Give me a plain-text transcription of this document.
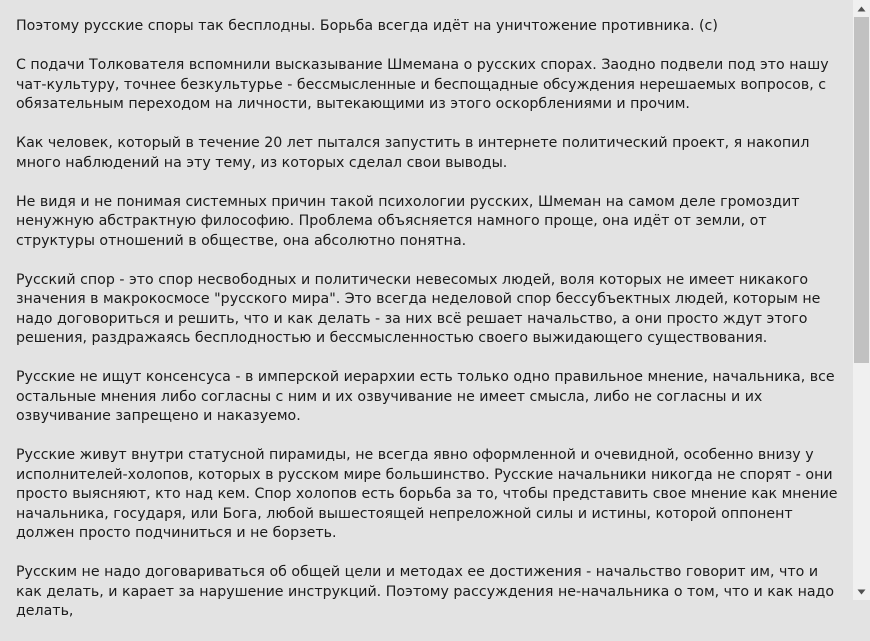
Поэтому русские споры так бесплодны. Борьба всегда идёт на уничтожение противника. (с)

С подачи Толкователя вспомнили высказывание Шмемана о русских спорах. Заодно подвели под это нашу чат-культуру, точнее безкультурье - бессмысленные и беспощадные обсуждения нерешаемых вопросов, с обязательным переходом на личности, вытекающими из этого оскорблениями и прочим.

Как человек, который в течение 20 лет пытался запустить в интернете политический проект, я накопил много наблюдений на эту тему, из которых сделал свои выводы.

Не видя и не понимая системных причин такой психологии русских, Шмеман на самом деле громоздит ненужную абстрактную философию. Проблема объясняется намного проще, она идёт от земли, от структуры отношений в обществе, она абсолютно понятна.

Русский спор - это спор несвободных и политически невесомых людей, воля которых не имеет никакого значения в макрокосмосе "русского мира". Это всегда неделовой спор бессубъектных людей, которым не надо договориться и решить, что и как делать - за них всё решает начальство, а они просто ждут этого решения, раздражаясь бесплодностью и бессмысленностью своего выжидающего существования.

Русские не ищут консенсуса - в имперской иерархии есть только одно правильное мнение, начальника, все остальные мнения либо согласны с ним и их озвучивание не имеет смысла, либо не согласны и их озвучивание запрещено и наказуемо.

Русские живут внутри статусной пирамиды, не всегда явно оформленной и очевидной, особенно внизу у исполнителей-холопов, которых в русском мире большинство. Русские начальники никогда не спорят - они просто выясняют, кто над кем. Спор холопов есть борьба за то, чтобы представить свое мнение как мнение начальника, государя, или Бога, любой вышестоящей непреложной силы и истины, которой оппонент должен просто подчиниться и не борзеть.

Русским не надо договариваться об общей цели и методах ее достижения - начальство говорит им, что и как делать, и карает за нарушение инструкций. Поэтому рассуждения не-начальника о том, что и как надо делать,
